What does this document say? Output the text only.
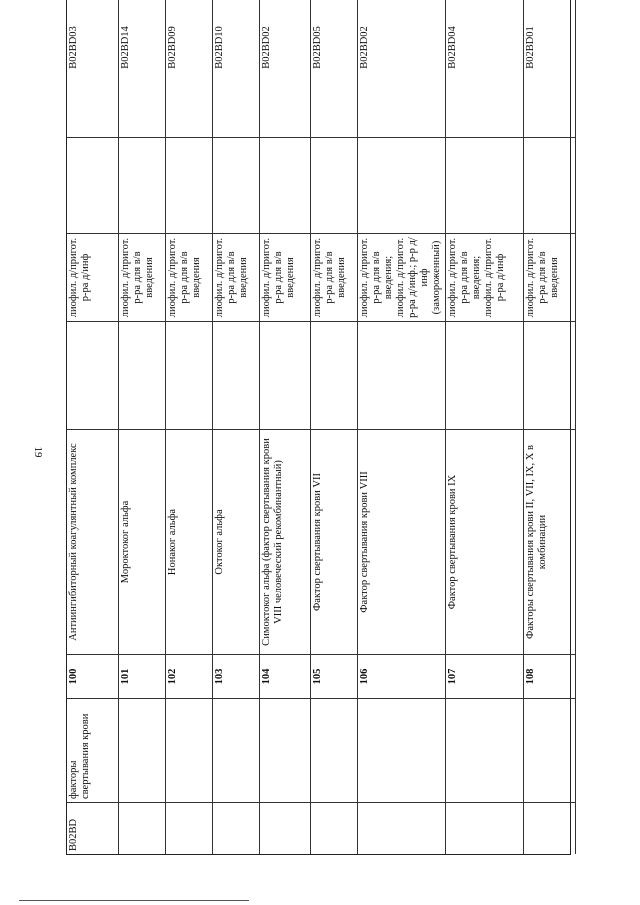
19
B02BD
факторы свертывания крови
100
Антиингибиторный коагулянтный комплекс
лиофил. д/пригот. р-ра д/инф
B02BD03
101
Мороктоког альфа
лиофил. д/пригот. р-ра для в/в введения
B02BD14
102
Нонаког альфа
лиофил. д/пригот. р-ра для в/в введения
B02BD09
103
Октоког альфа
лиофил. д/пригот. р-ра для в/в введения
B02BD10
104
Симоктоког альфа (фактор свертывания крови VIII человеческий рекомбинантный)
лиофил. д/пригот. р-ра для в/в введения
B02BD02
105
Фактор свертывания крови VII
лиофил. д/пригот. р-ра для в/в введения
B02BD05
106
Фактор свертывания крови VIII
лиофил. д/пригот. р-ра для в/в введения; лиофил. д/пригот. р-ра д/инф.; р-р д/инф (замороженный)
B02BD02
107
Фактор свертывания крови IX
лиофил. д/пригот. р-ра для в/в введения; лиофил. д/пригот. р-ра д/инф
B02BD04
108
Факторы свертывания крови II, VII, IX, X в комбинации
лиофил. д/пригот. р-ра для в/в введения
B02BD01
